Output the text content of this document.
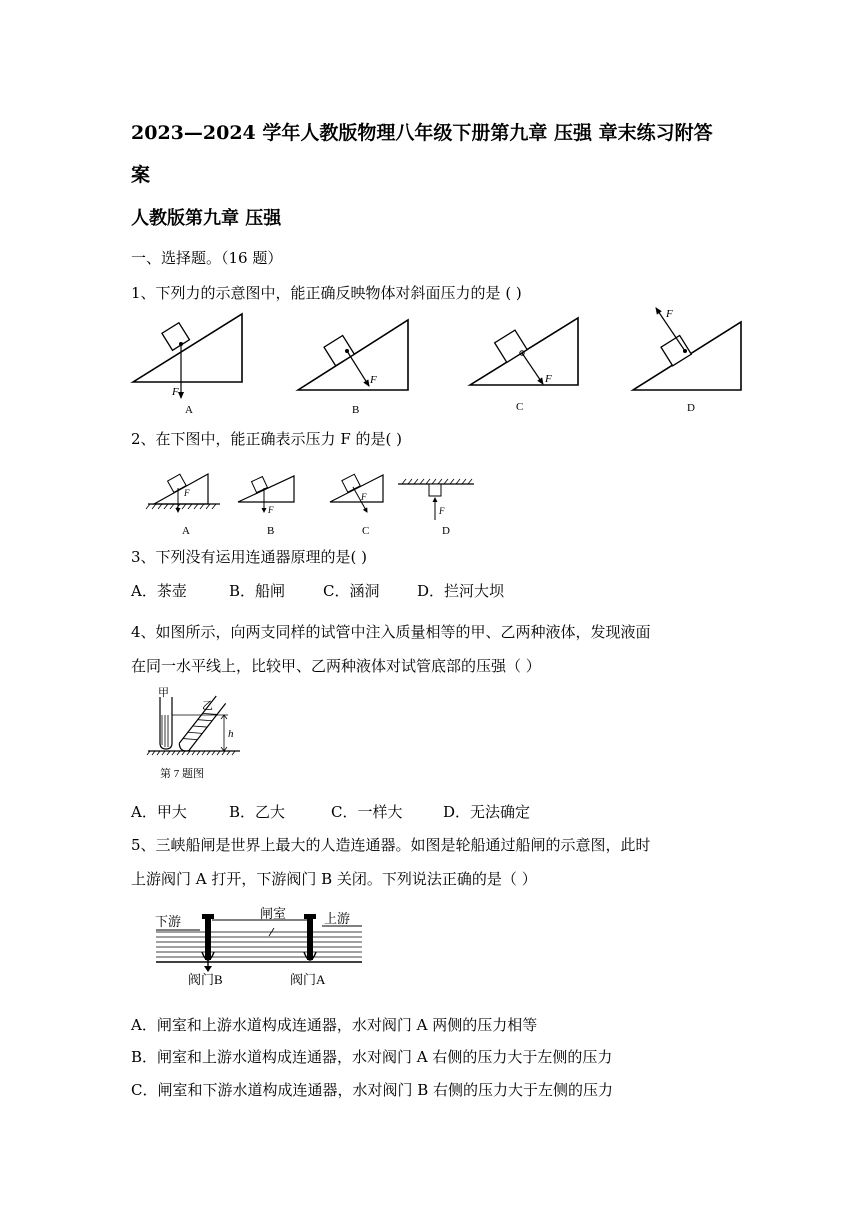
2023—2024 学年人教版物理八年级下册第九章 压强 章末练习附答
案
人教版第九章 压强
一、选择题。（16 题）
1、下列力的示意图中，能正确反映物体对斜面压力的是 ( )
F
A
F
B
F
C
F
D
2、在下图中，能正确表示压力 F 的是( )
F
A
F
B
F
C
F
D
3、下列没有运用连通器原理的是( )
A．茶壶	B．船闸	C．涵洞	D．拦河大坝
4、如图所示，向两支同样的试管中注入质量相等的甲、乙两种液体，发现液面
在同一水平线上，比较甲、乙两种液体对试管底部的压强（ ）
h
甲
乙
第 7 题图
A．甲大	B．乙大	C．一样大	D．无法确定
5、三峡船闸是世界上最大的人造连通器。如图是轮船通过船闸的示意图，此时
上游阀门 A 打开，下游阀门 B 关闭。下列说法正确的是（ ）
下游
闸室	上游
阀门B	阀门A
A．闸室和上游水道构成连通器，水对阀门 A 两侧的压力相等
B．闸室和上游水道构成连通器，水对阀门 A 右侧的压力大于左侧的压力
C．闸室和下游水道构成连通器，水对阀门 B 右侧的压力大于左侧的压力
